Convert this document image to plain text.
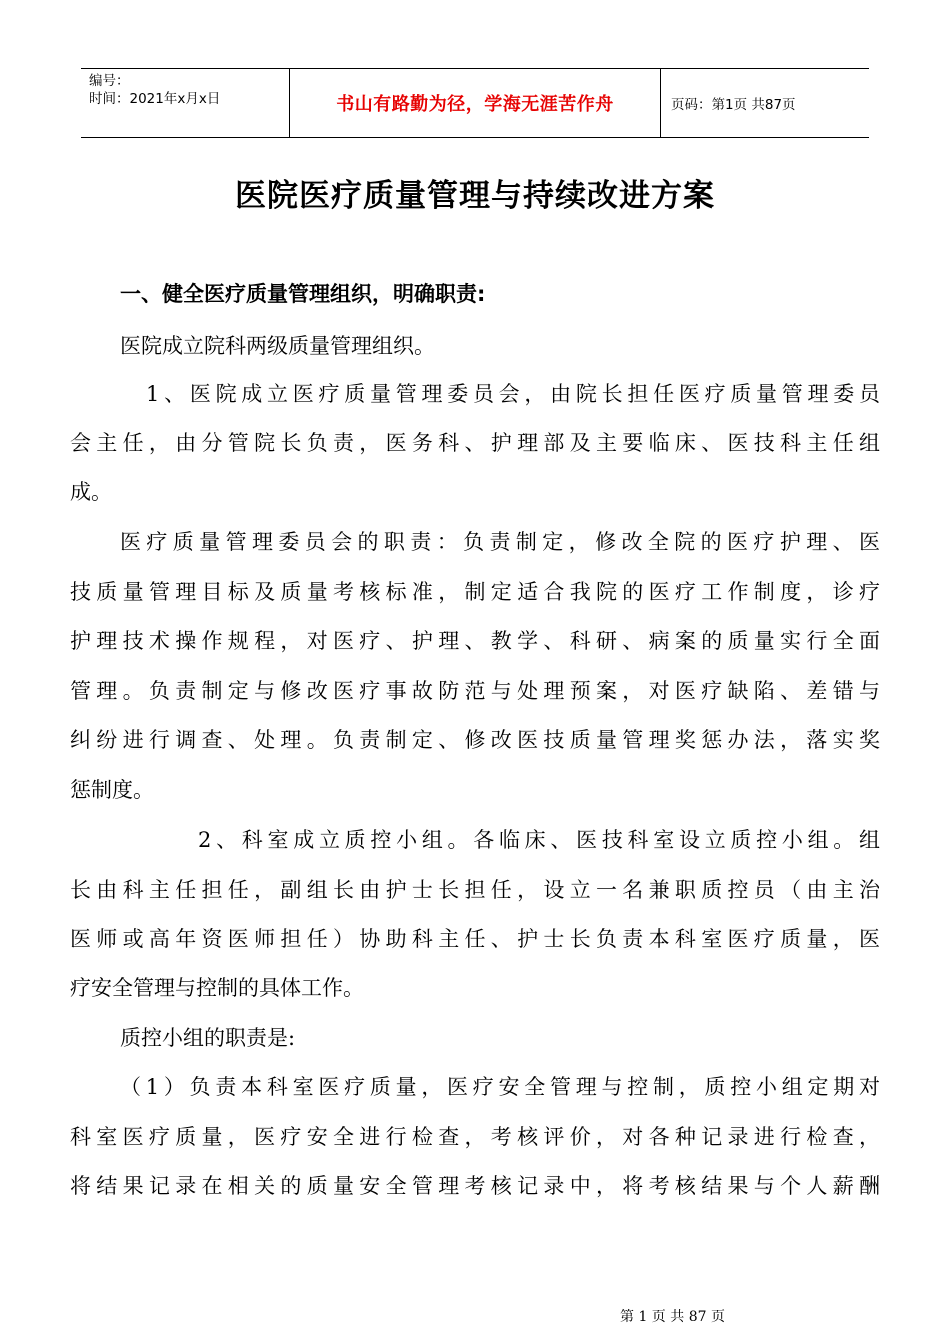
编号：
时间：2021年x月x日	书山有路勤为径，学海无涯苦作舟	页码：第1页 共87页
医院医疗质量管理与持续改进方案
一、健全医疗质量管理组织，明确职责:
医院成立院科两级质量管理组织。
1、医院成立医疗质量管理委员会，由院长担任医疗质量管理委员
会主任，由分管院长负责，医务科、护理部及主要临床、医技科主任组
成。
医疗质量管理委员会的职责：负责制定，修改全院的医疗护理、医
技质量管理目标及质量考核标准，制定适合我院的医疗工作制度，诊疗
护理技术操作规程，对医疗、护理、教学、科研、病案的质量实行全面
管理。负责制定与修改医疗事故防范与处理预案，对医疗缺陷、差错与
纠纷进行调查、处理。负责制定、修改医技质量管理奖惩办法，落实奖
惩制度。
2、科室成立质控小组。各临床、医技科室设立质控小组。组
长由科主任担任，副组长由护士长担任，设立一名兼职质控员（由主治
医师或高年资医师担任）协助科主任、护士长负责本科室医疗质量，医
疗安全管理与控制的具体工作。
质控小组的职责是:
（1）负责本科室医疗质量，医疗安全管理与控制，质控小组定期对
科室医疗质量，医疗安全进行检查，考核评价，对各种记录进行检查，
将结果记录在相关的质量安全管理考核记录中，将考核结果与个人薪酬
第 1 页 共 87 页
